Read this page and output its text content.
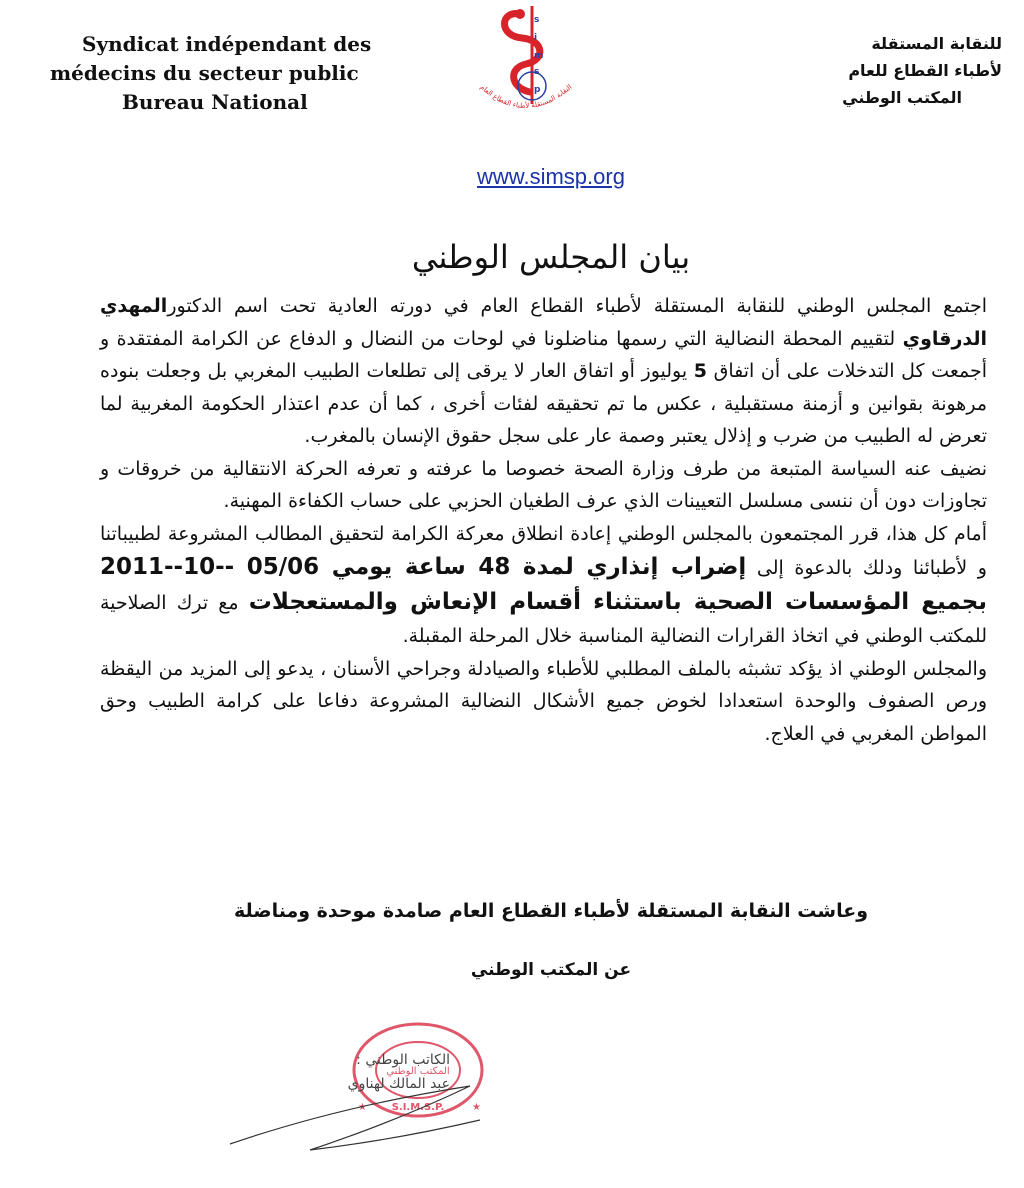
Syndicat indépendant des
médecins du secteur public
Bureau National
s
i
m
s
p
النقابة المستقلة لأطباء القطاع العام
للنقابة المستقلة
لأطباء القطاع للعام
المكتب الوطني
www.simsp.org
بيان المجلس الوطني

اجتمع المجلس الوطني للنقابة المستقلة لأطباء القطاع العام في دورته العادية تحت اسم الدكتورالمهدي الدرقاوي لتقييم المحطة النضالية التي رسمها مناضلونا في لوحات من النضال و الدفاع عن الكرامة المفتقدة و أجمعت كل التدخلات على أن اتفاق 5 يوليوز أو اتفاق العار لا يرقى إلى تطلعات الطبيب المغربي بل وجعلت بنوده مرهونة بقوانين و أزمنة مستقبلية ، عكس ما تم تحقيقه لفئات أخرى ، كما أن عدم اعتذار الحكومة المغربية لما تعرض له الطبيب من ضرب و إذلال يعتبر وصمة عار على سجل حقوق الإنسان بالمغرب.

نضيف عنه السياسة المتبعة من طرف وزارة الصحة خصوصا ما عرفته و تعرفه الحركة الانتقالية من خروقات و تجاوزات دون أن ننسى مسلسل التعيينات الذي عرف الطغيان الحزبي على حساب الكفاءة المهنية.

أمام كل هذا، قرر المجتمعون بالمجلس الوطني إعادة انطلاق معركة الكرامة لتحقيق المطالب المشروعة لطبيباتنا و لأطبائنا ودلك بالدعوة إلى إضراب إنذاري لمدة 48 ساعة يومي 05/06 --10--2011 بجميع المؤسسات الصحية باستثناء أقسام الإنعاش والمستعجلات مع ترك الصلاحية للمكتب الوطني في اتخاذ القرارات النضالية المناسبة خلال المرحلة المقبلة.

والمجلس الوطني اذ يؤكد تشبثه بالملف المطلبي للأطباء والصيادلة وجراحي الأسنان ، يدعو إلى المزيد من اليقظة ورص الصفوف والوحدة استعدادا لخوض جميع الأشكال النضالية المشروعة دفاعا على كرامة الطبيب وحق المواطن المغربي في العلاج.

وعاشت النقابة المستقلة لأطباء القطاع العام صامدة موحدة ومناضلة
عن المكتب الوطني
المكتب الوطني
S.I.M.S.P.
★	★
الكاتب الوطني :
عبد المالك لهناوي
